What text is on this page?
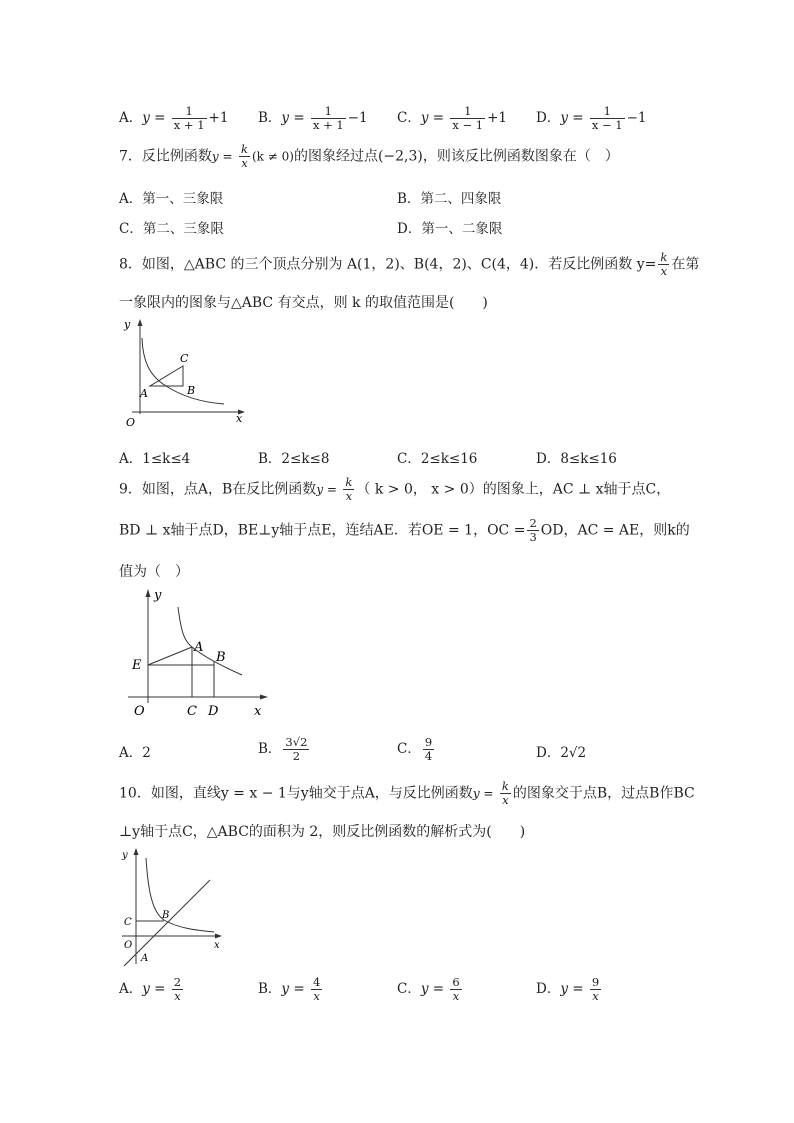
A．$y = \frac{1}{x + 1} +1$ B．$y = \frac{1}{x + 1} -1$ C．$y = \frac{1}{x - 1} +1$ D．$y = \frac{1}{x - 1} -1$
7．反比例函数$y = \frac{k}{x} (k \ne 0)$的图象经过点(−2,3)，则该反比例函数图象在（　）
A．第一、三象限	B．第二、四象限
C．第二、三象限	D．第一、二象限
8．如图，△ABC 的三个顶点分别为 A(1，2)、B(4，2)、C(4，4)．若反比例函数 $y= \frac{k}{x}$ 在第
一象限内的图象与△ABC 有交点，则 k 的取值范围是(　　)
y
x
O
A	B
C
A．1≤k≤4	B．2≤k≤8	C．2≤k≤16	D．8≤k≤16
9．如图，点A，B在反比例函数$y = \frac{k}{x}$ （ k > 0， x > 0）的图象上，AC ⊥ x轴于点C，
BD ⊥ x轴于点D，BE⊥y轴于点E，连结AE．若OE = 1，OC = $\frac{2}{3}$ OD，AC = AE，则k的
值为（　）
y
x
O
E
A
B
C D
A．2	B． $\frac{3√2}{2}$	C． $\frac{9}{4}$	D．2√2
10．如图，直线y = x − 1与y轴交于点A，与反比例函数$y = \frac{k}{x}$ 的图象交于点B，过点B作BC
⊥y轴于点C，△ABC的面积为 2，则反比例函数的解析式为(　　)
y
x
O
C
B
A
A．$y = \frac{2}{x}$	B．$y = \frac{4}{x}$	C．$y = \frac{6}{x}$	D．$y = \frac{9}{x}$
